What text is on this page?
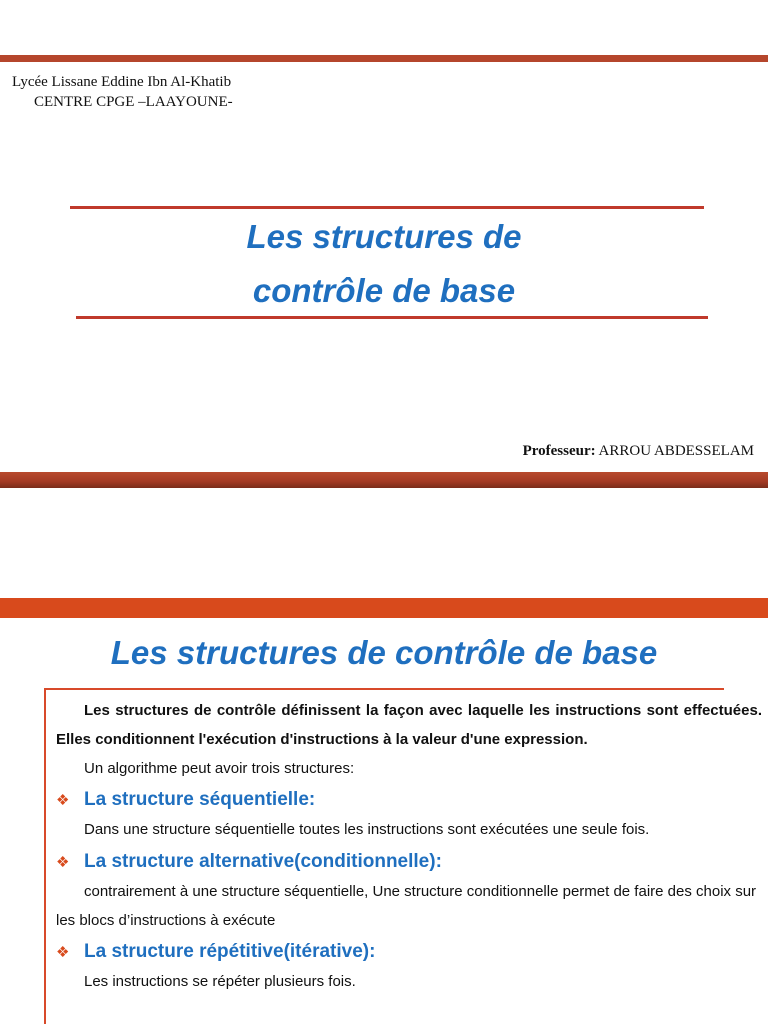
Lycée Lissane Eddine Ibn Al-Khatib
CENTRE CPGE –LAAYOUNE-
Les structures de
contrôle de base
Professeur: ARROU ABDESSELAM
Les structures de contrôle de base

Les structures de contrôle définissent la façon avec laquelle les instructions sont effectuées. Elles conditionnent l'exécution d'instructions à la valeur d'une expression.

Un algorithme peut avoir trois structures:
❖ La structure séquentielle:
Dans une structure séquentielle toutes les instructions sont exécutées une seule fois.
❖ La structure alternative(conditionnelle):

contrairement à une structure séquentielle, Une structure conditionnelle permet de faire des choix sur les blocs d’instructions à exécute

❖ La structure répétitive(itérative):
Les instructions se répéter plusieurs fois.
